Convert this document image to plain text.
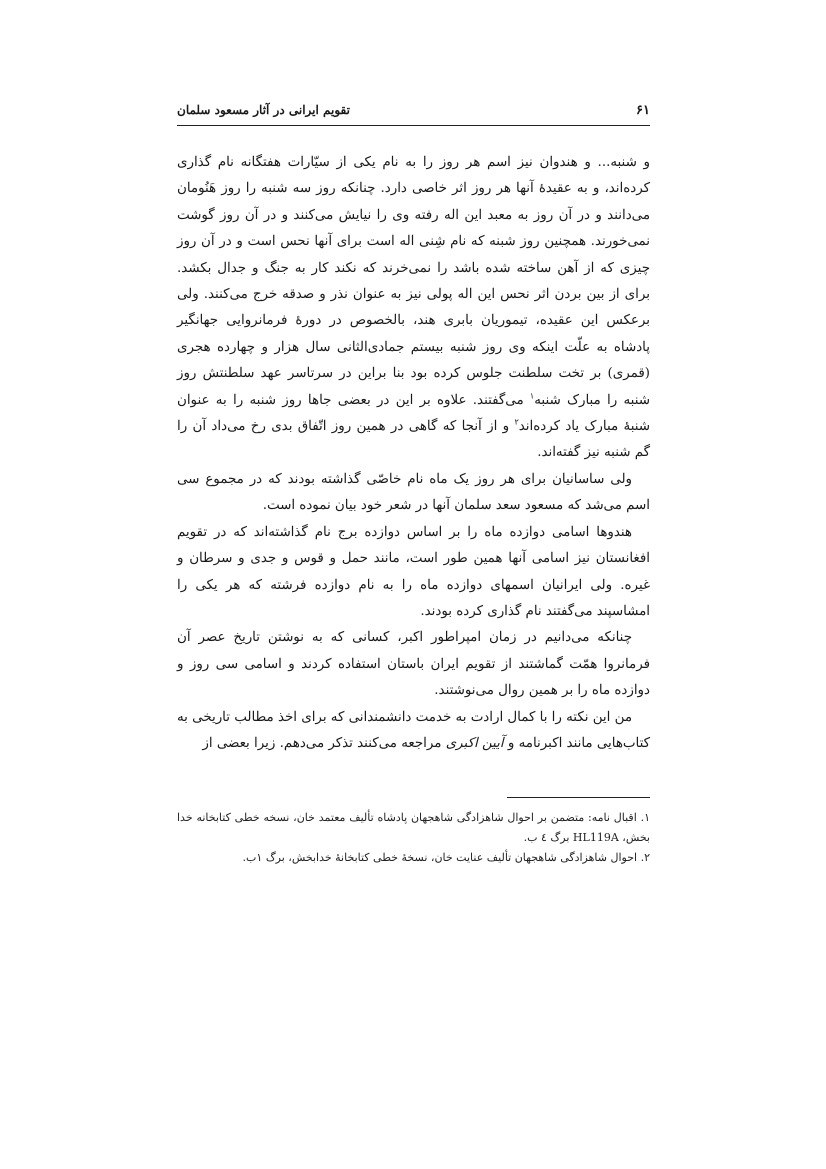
۶۱
تقویم ایرانی در آثار مسعود سلمان

و شنبه... و هندوان نیز اسم هر روز را به نام یکی از سیّارات هفتگانه نام گذاری کرده‌اند، و به عقیدهٔ آنها هر روز اثر خاصی دارد. چنانکه روز سه شنبه را روز هَنُومان می‌دانند و در آن روز به معبد این اله رفته وی را نیایش می‌کنند و در آن روز گوشت نمی‌خورند. همچنین روز شبنه که نام شِنی اله است برای آنها نحس است و در آن روز چیزی که از آهن ساخته شده باشد را نمی‌خرند که نکند کار به جنگ و جدال بکشد. برای از بین بردن اثر نحس این اله پولی نیز به عنوان نذر و صدقه خرج می‌کنند. ولی برعکس این عقیده، تیموریان بابری هند، بالخصوص در دورهٔ فرمانروایی جهانگیر پادشاه به علّت اینکه وی روز شنبه بیستم جمادی‌الثانی سال هزار و چهارده هجری (قمری) بر تخت سلطنت جلوس کرده بود بنا براین در سرتاسر عهد سلطنتش روز شنبه را مبارک شنبه$^۱$ می‌گفتند. علاوه بر این در بعضی جاها روز شنبه را به عنوان شنبهٔ مبارک یاد کرده‌اند$^۲$ و از آنجا که گاهی در همین روز اتّفاق بدی رخ می‌داد آن را گم شنبه نیز گفته‌اند.

ولی ساسانیان برای هر روز یک ماه نام خاصّی گذاشته بودند که در مجموع سی اسم می‌شد که مسعود سعد سلمان آنها در شعر خود بیان نموده است.

هندوها اسامی دوازده ماه را بر اساس دوازده برج نام گذاشته‌اند که در تقویم افغانستان نیز اسامی آنها همین طور است، مانند حمل و قوس و جدی و سرطان و غیره. ولی ایرانیان اسمهای دوازده ماه را به نام دوازده فرشته که هر یکی را امشاسپند می‌گفتند نام گذاری کرده بودند.

چنانکه می‌دانیم در زمان امپراطور اکبر، کسانی که به نوشتن تاریخ عصر آن فرمانروا همّت گماشتند از تقویم ایران باستان استفاده کردند و اسامی سی روز و دوازده ماه را بر همین روال می‌نوشتند.

من این نکته را با کمال ارادت به خدمت دانشمندانی که برای اخذ مطالب تاریخی به کتاب‌هایی مانند اکبرنامه و آیین اکبری مراجعه می‌کنند تذکر می‌دهم. زیرا بعضی از

۱. اقبال نامه: متضمن بر احوال شاهزادگی شاهجهان پادشاه تألیف معتمد خان، نسخه خطی کتابخانه خدا بخش، HL119A برگ ٤ ب.

۲. احوال شاهزادگی شاهجهان تألیف عنایت خان، نسخهٔ خطی کتابخانهٔ خدابخش، برگ ۱ب.
